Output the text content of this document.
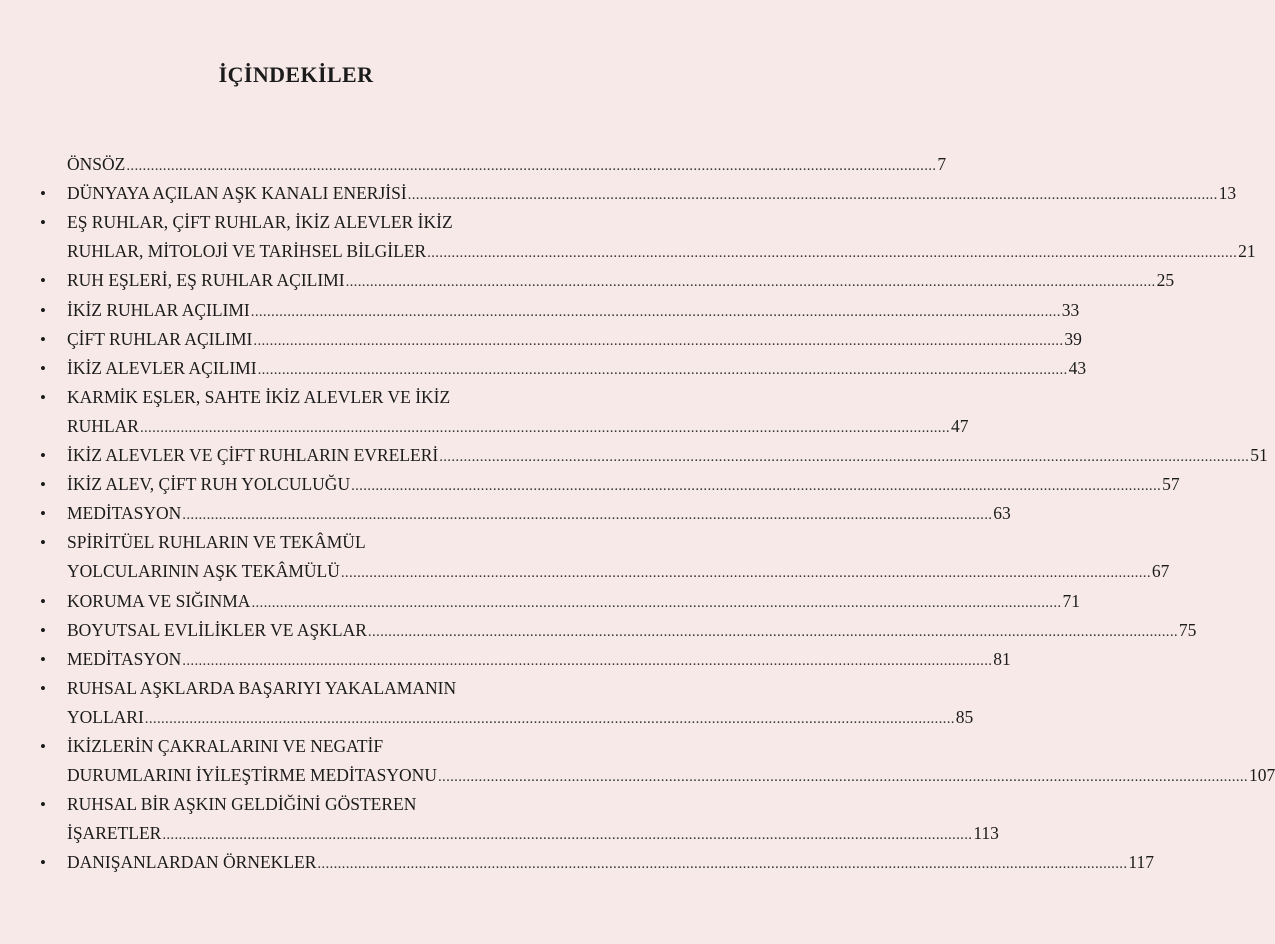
İÇİNDEKİLER
ÖNSÖZ ........................................................................................................................................................................................................ 7
• DÜNYAYA AÇILAN AŞK KANALI ENERJİSİ ........................................................................................................................................................................................................ 13
• EŞ RUHLAR, ÇİFT RUHLAR, İKİZ ALEVLER İKİZ
RUHLAR, MİTOLOJİ VE TARİHSEL BİLGİLER ........................................................................................................................................................................................................ 21
• RUH EŞLERİ, EŞ RUHLAR AÇILIMI ........................................................................................................................................................................................................ 25
• İKİZ RUHLAR AÇILIMI ........................................................................................................................................................................................................ 33
• ÇİFT RUHLAR AÇILIMI ........................................................................................................................................................................................................ 39
• İKİZ ALEVLER AÇILIMI ........................................................................................................................................................................................................ 43
• KARMİK EŞLER, SAHTE İKİZ ALEVLER VE İKİZ
RUHLAR ........................................................................................................................................................................................................ 47
• İKİZ ALEVLER VE ÇİFT RUHLARIN EVRELERİ ........................................................................................................................................................................................................ 51
• İKİZ ALEV, ÇİFT RUH YOLCULUĞU ........................................................................................................................................................................................................ 57
• MEDİTASYON ........................................................................................................................................................................................................ 63
• SPİRİTÜEL RUHLARIN VE TEKÂMÜL
YOLCULARININ AŞK TEKÂMÜLÜ ........................................................................................................................................................................................................ 67
• KORUMA VE SIĞINMA ........................................................................................................................................................................................................ 71
• BOYUTSAL EVLİLİKLER VE AŞKLAR ........................................................................................................................................................................................................ 75
• MEDİTASYON ........................................................................................................................................................................................................ 81
• RUHSAL AŞKLARDA BAŞARIYI YAKALAMANIN
YOLLARI ........................................................................................................................................................................................................ 85
• İKİZLERİN ÇAKRALARINI VE NEGATİF
DURUMLARINI İYİLEŞTİRME MEDİTASYONU ........................................................................................................................................................................................................ 107
• RUHSAL BİR AŞKIN GELDİĞİNİ GÖSTEREN
İŞARETLER ........................................................................................................................................................................................................ 113
• DANIŞANLARDAN ÖRNEKLER ........................................................................................................................................................................................................ 117
